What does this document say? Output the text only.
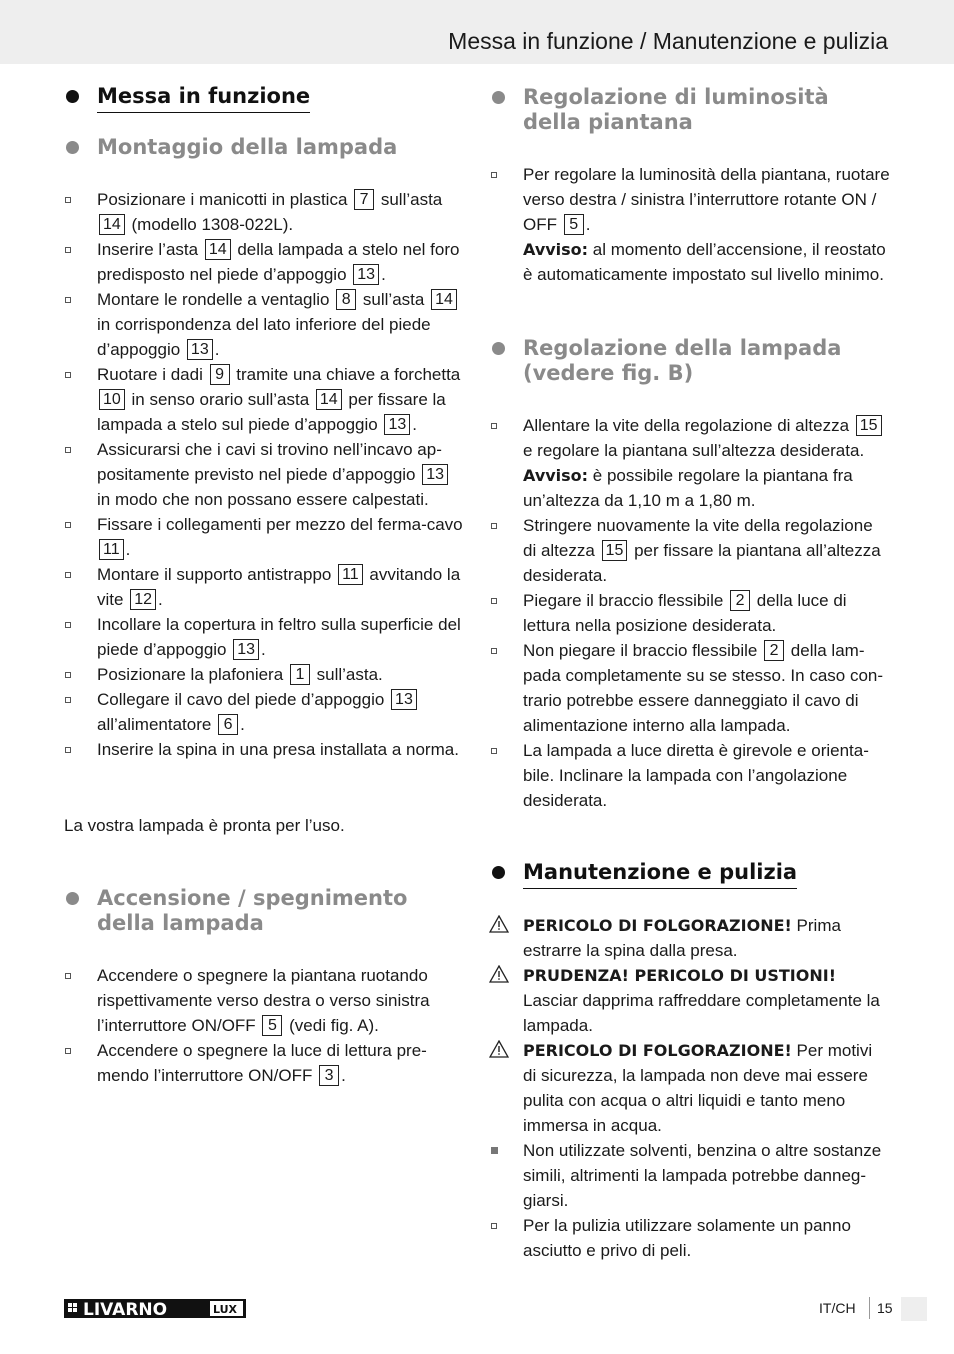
Messa in funzione / Manutenzione e pulizia
Messa in funzione
Montaggio della lampada
Posizionare i manicotti in plastica 7 sull’asta 14 (modello 1308-022L).
Inserire l’asta 14 della lampada a stelo nel foro predisposto nel piede d’appoggio 13 .
Montare le rondelle a ventaglio 8 sull’asta 14 in corrispondenza del lato inferiore del piede d’appoggio 13 .
Ruotare i dadi 9 tramite una chiave a forchetta 10 in senso orario sull’asta 14 per fissare la lampada a stelo sul piede d’appoggio 13 .
Assicurarsi che i cavi si trovino nell’incavo ap-positamente previsto nel piede d’appoggio 13 in modo che non possano essere calpestati.
Fissare i collegamenti per mezzo del ferma-cavo 11 .
Montare il supporto antistrappo 11 avvitando la vite 12 .
Incollare la copertura in feltro sulla superficie del piede d’appoggio 13 .
Posizionare la plafoniera 1 sull’asta.
Collegare il cavo del piede d’appoggio 13 all’alimentatore 6 .
Inserire la spina in una presa installata a norma.

La vostra lampada è pronta per l’uso.

Accensione / spegnimento della lampada
Accendere o spegnere la piantana ruotando rispettivamente verso destra o verso sinistra l’interruttore ON/OFF 5 (vedi fig. A).
Accendere o spegnere la luce di lettura pre-mendo l’interruttore ON/OFF 3 .
Regolazione di luminosità della piantana
Per regolare la luminosità della piantana, ruotare verso destra / sinistra l’interruttore rotante ON / OFF 5 .
Avviso: al momento dell’accensione, il reostato è automaticamente impostato sul livello minimo.
Regolazione della lampada (vedere fig. B)
Allentare la vite della regolazione di altezza 15 e regolare la piantana sull’altezza desiderata. Avviso: è possibile regolare la piantana fra un’altezza da 1,10 m a 1,80 m.
Stringere nuovamente la vite della regolazione di altezza 15 per fissare la piantana all’altezza desiderata.
Piegare il braccio flessibile 2 della luce di lettura nella posizione desiderata.
Non piegare il braccio flessibile 2 della lam-pada completamente su se stesso. In caso con-trario potrebbe essere danneggiato il cavo di alimentazione interno alla lampada.
La lampada a luce diretta è girevole e orienta-bile. Inclinare la lampada con l’angolazione desiderata.
Manutenzione e pulizia
PERICOLO DI FOLGORAZIONE! Prima estrarre la spina dalla presa.
PRUDENZA! PERICOLO DI USTIONI! Lasciar dapprima raffreddare completamente la lampada.
PERICOLO DI FOLGORAZIONE! Per motivi di sicurezza, la lampada non deve mai essere pulita con acqua o altri liquidi e tanto meno immersa in acqua.
Non utilizzate solventi, benzina o altre sostanze simili, altrimenti la lampada potrebbe danneg-giarsi.
Per la pulizia utilizzare solamente un panno asciutto e privo di peli.
LIVARNO	LUX	IT/CH 15
